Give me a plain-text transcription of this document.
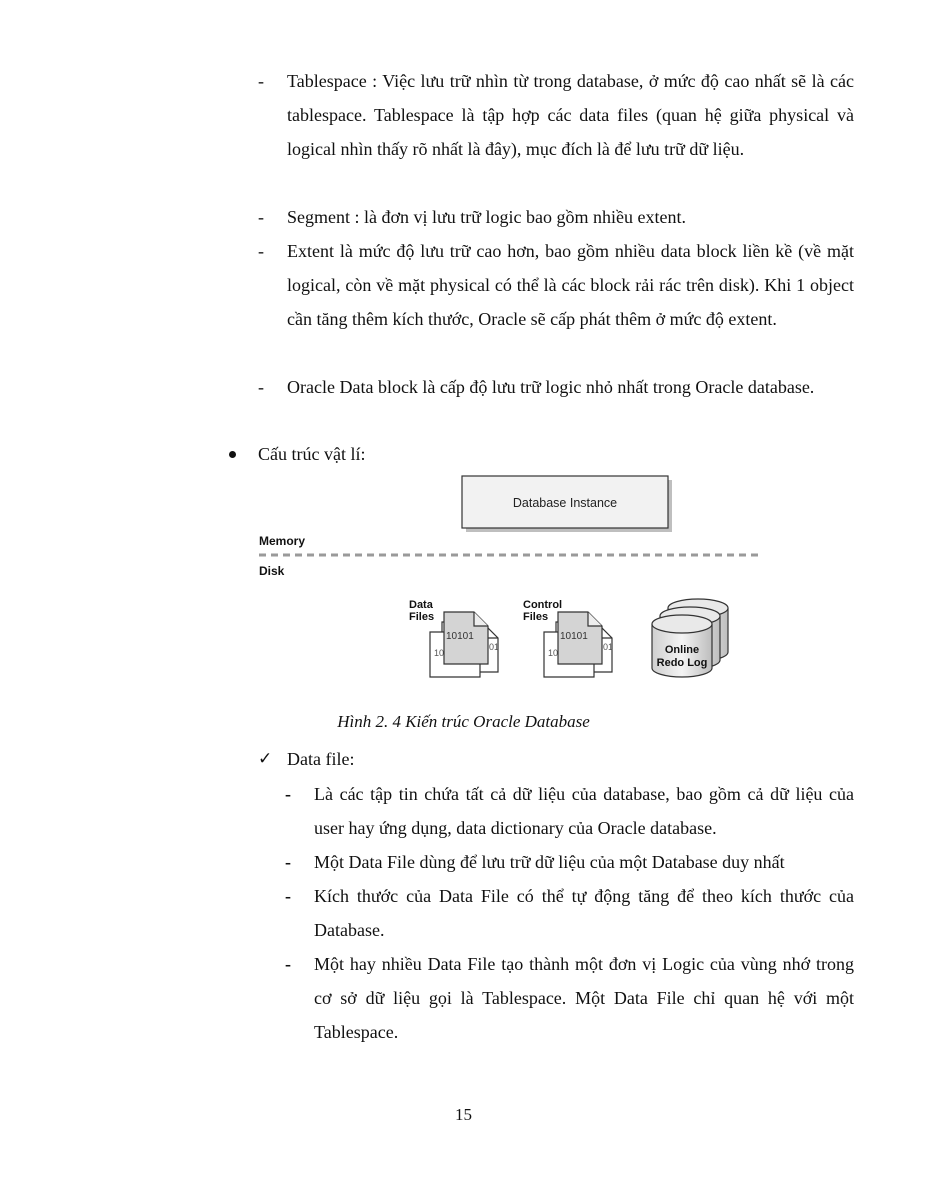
- Tablespace : Việc lưu trữ nhìn từ trong database, ở mức độ cao nhất sẽ là các tablespace. Tablespace là tập hợp các data files (quan hệ giữa physical và logical nhìn thấy rõ nhất là đây), mục đích là để lưu trữ dữ liệu.
- Segment : là đơn vị lưu trữ logic bao gồm nhiều extent.
- Extent là mức độ lưu trữ cao hơn, bao gồm nhiều data block liền kề (về mặt logical, còn về mặt physical có thể là các block rải rác trên disk). Khi 1 object cần tăng thêm kích thước, Oracle sẽ cấp phát thêm ở mức độ extent.
- Oracle Data block là cấp độ lưu trữ logic nhỏ nhất trong Oracle database.
Cấu trúc vật lí:
Database Instance
Memory
Disk
Data
Files
10
10101
01
Control
Files
10
10101
01	Online
Redo Log
Hình 2. 4 Kiến trúc Oracle Database
✓ Data file:
- Là các tập tin chứa tất cả dữ liệu của database, bao gồm cả dữ liệu của user hay ứng dụng, data dictionary của Oracle database.
- Một Data File dùng để lưu trữ dữ liệu của một Database duy nhất
- Kích thước của Data File có thể tự động tăng để theo kích thước của Database.
- Một hay nhiều Data File tạo thành một đơn vị Logic của vùng nhớ trong cơ sở dữ liệu gọi là Tablespace. Một Data File chỉ quan hệ với một Tablespace.
15
